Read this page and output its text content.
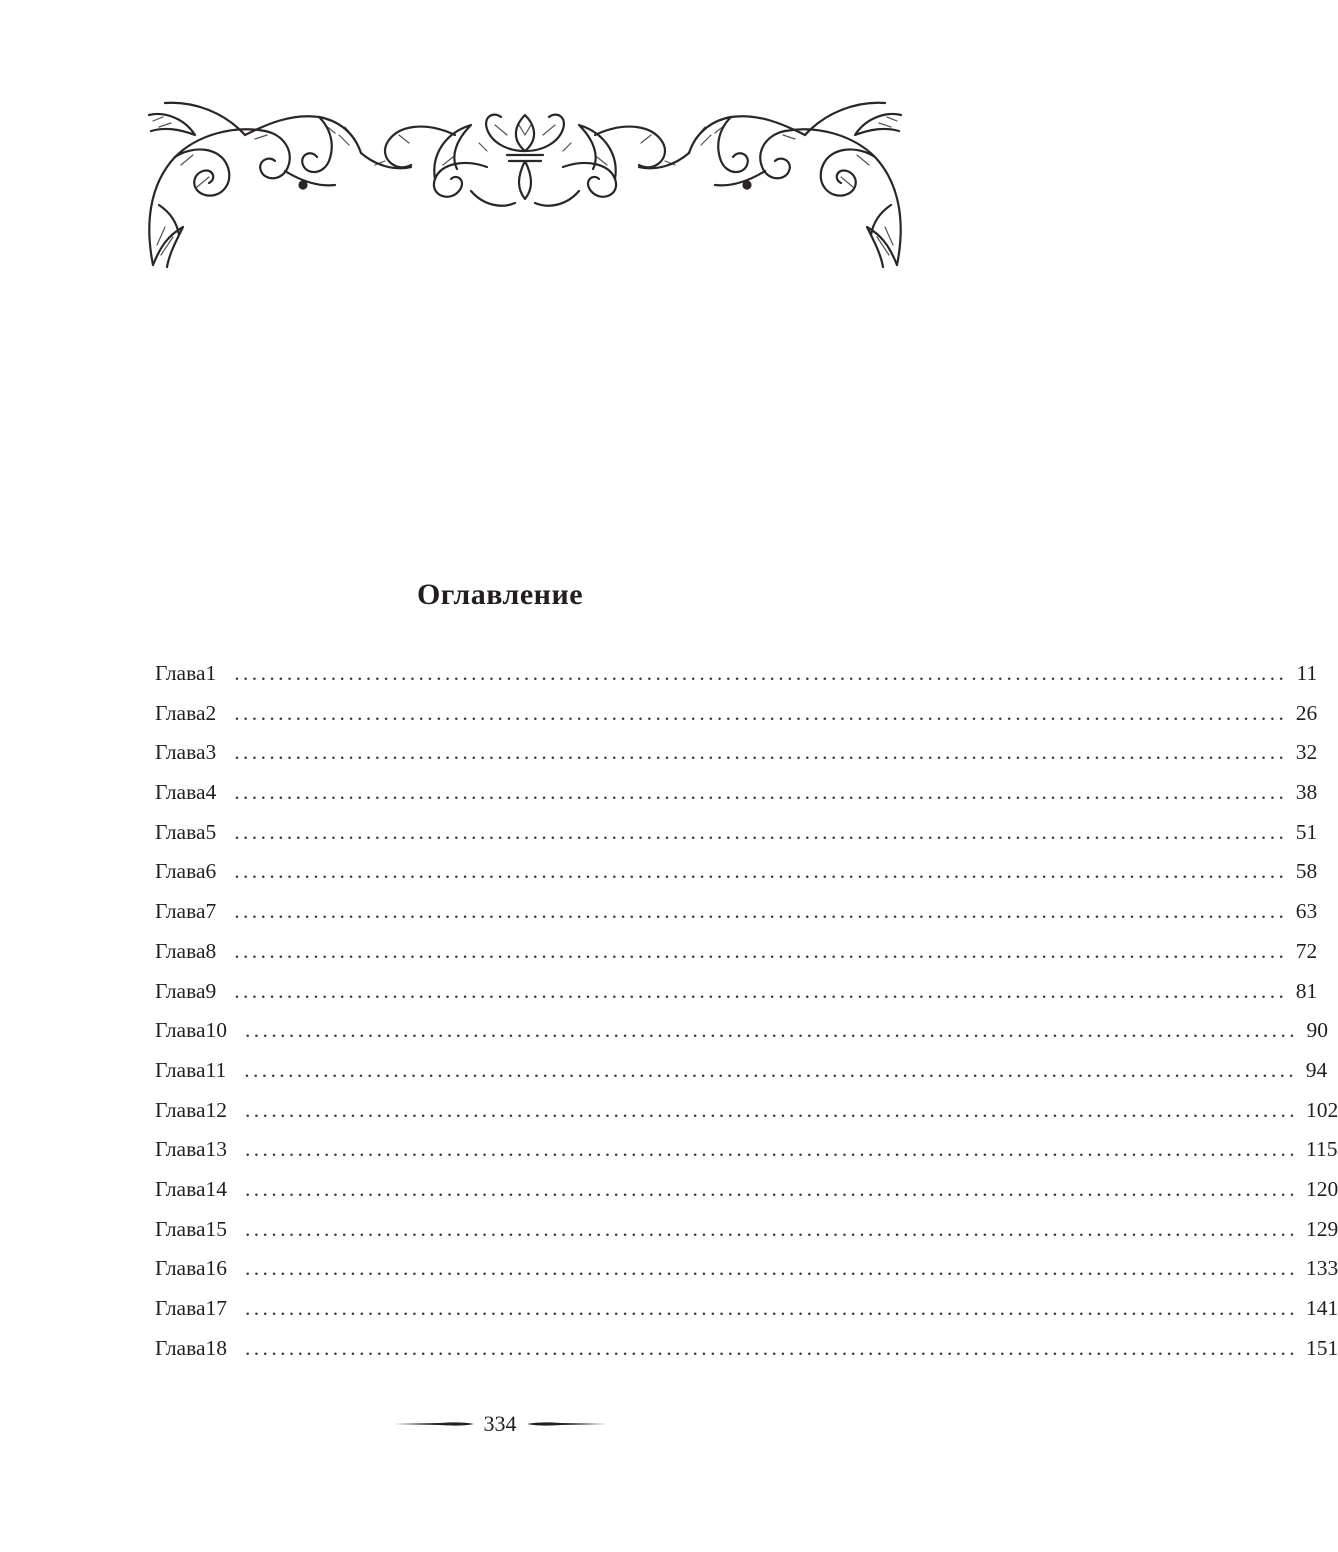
Оглавление
Глава 1 ........................................................................................................................ 11
Глава 2 ........................................................................................................................ 26
Глава 3 ........................................................................................................................ 32
Глава 4 ........................................................................................................................ 38
Глава 5 ........................................................................................................................ 51
Глава 6 ........................................................................................................................ 58
Глава 7 ........................................................................................................................ 63
Глава 8 ........................................................................................................................ 72
Глава 9 ........................................................................................................................ 81
Глава 10 ........................................................................................................................ 90
Глава 11 ........................................................................................................................ 94
Глава 12 ........................................................................................................................ 102
Глава 13 ........................................................................................................................ 115
Глава 14 ........................................................................................................................ 120
Глава 15 ........................................................................................................................ 129
Глава 16 ........................................................................................................................ 133
Глава 17 ........................................................................................................................ 141
Глава 18 ........................................................................................................................ 151
334
